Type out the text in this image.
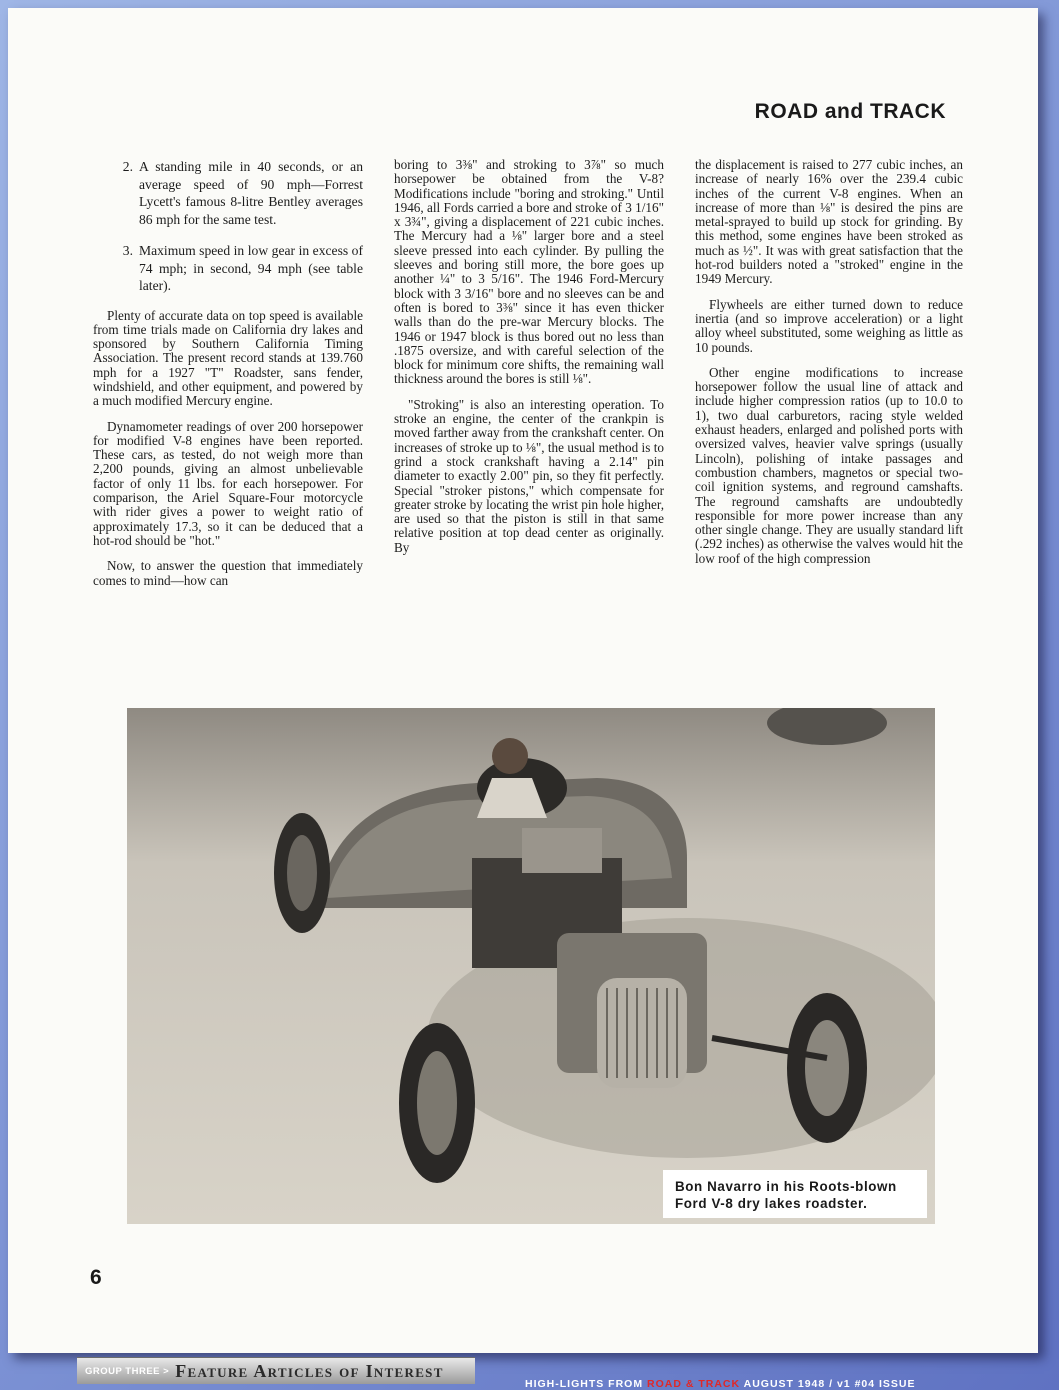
ROAD and TRACK
2. A standing mile in 40 seconds, or an average speed of 90 mph—Forrest Lycett's famous 8-litre Bentley averages 86 mph for the same test.
3. Maximum speed in low gear in excess of 74 mph; in second, 94 mph (see table later).

Plenty of accurate data on top speed is available from time trials made on California dry lakes and sponsored by Southern California Timing Association. The present record stands at 139.760 mph for a 1927 "T" Roadster, sans fender, windshield, and other equipment, and powered by a much modified Mercury engine.

Dynamometer readings of over 200 horsepower for modified V-8 engines have been reported. These cars, as tested, do not weigh more than 2,200 pounds, giving an almost unbelievable factor of only 11 lbs. for each horsepower. For comparison, the Ariel Square-Four motorcycle with rider gives a power to weight ratio of approximately 17.3, so it can be deduced that a hot-rod should be "hot."

Now, to answer the question that immediately comes to mind—how can

boring to 3⅜" and stroking to 3⅞" so much horsepower be obtained from the V-8? Modifications include "boring and stroking." Until 1946, all Fords carried a bore and stroke of 3 1/16" x 3¾", giving a displacement of 221 cubic inches. The Mercury had a ⅛" larger bore and a steel sleeve pressed into each cylinder. By pulling the sleeves and boring still more, the bore goes up another ¼" to 3 5/16". The 1946 Ford-Mercury block with 3 3/16" bore and no sleeves can be and often is bored to 3⅜" since it has even thicker walls than do the pre-war Mercury blocks. The 1946 or 1947 block is thus bored out no less than .1875 oversize, and with careful selection of the block for minimum core shifts, the remaining wall thickness around the bores is still ⅛".

"Stroking" is also an interesting operation. To stroke an engine, the center of the crankpin is moved farther away from the crankshaft center. On increases of stroke up to ⅛", the usual method is to grind a stock crankshaft having a 2.14" pin diameter to exactly 2.00" pin, so they fit perfectly. Special "stroker pistons," which compensate for greater stroke by locating the wrist pin hole higher, are used so that the piston is still in that same relative position at top dead center as originally. By

the displacement is raised to 277 cubic inches, an increase of nearly 16% over the 239.4 cubic inches of the current V-8 engines. When an increase of more than ⅛" is desired the pins are metal-sprayed to build up stock for grinding. By this method, some engines have been stroked as much as ½". It was with great satisfaction that the hot-rod builders noted a "stroked" engine in the 1949 Mercury.

Flywheels are either turned down to reduce inertia (and so improve acceleration) or a light alloy wheel substituted, some weighing as little as 10 pounds.

Other engine modifications to increase horsepower follow the usual line of attack and include higher compression ratios (up to 10.0 to 1), two dual carburetors, racing style welded exhaust headers, enlarged and polished ports with oversized valves, heavier valve springs (usually Lincoln), polishing of intake passages and combustion chambers, magnetos or special two-coil ignition systems, and reground camshafts. The reground camshafts are undoubtedly responsible for more power increase than any other single change. They are usually standard lift (.292 inches) as otherwise the valves would hit the low roof of the high compression

Bon Navarro in his Roots-blown
Ford V-8 dry lakes roadster.
6
GROUP THREE > Feature Articles of Interest
HIGH-LIGHTS FROM ROAD & TRACK AUGUST 1948 / v1 #04 ISSUE
